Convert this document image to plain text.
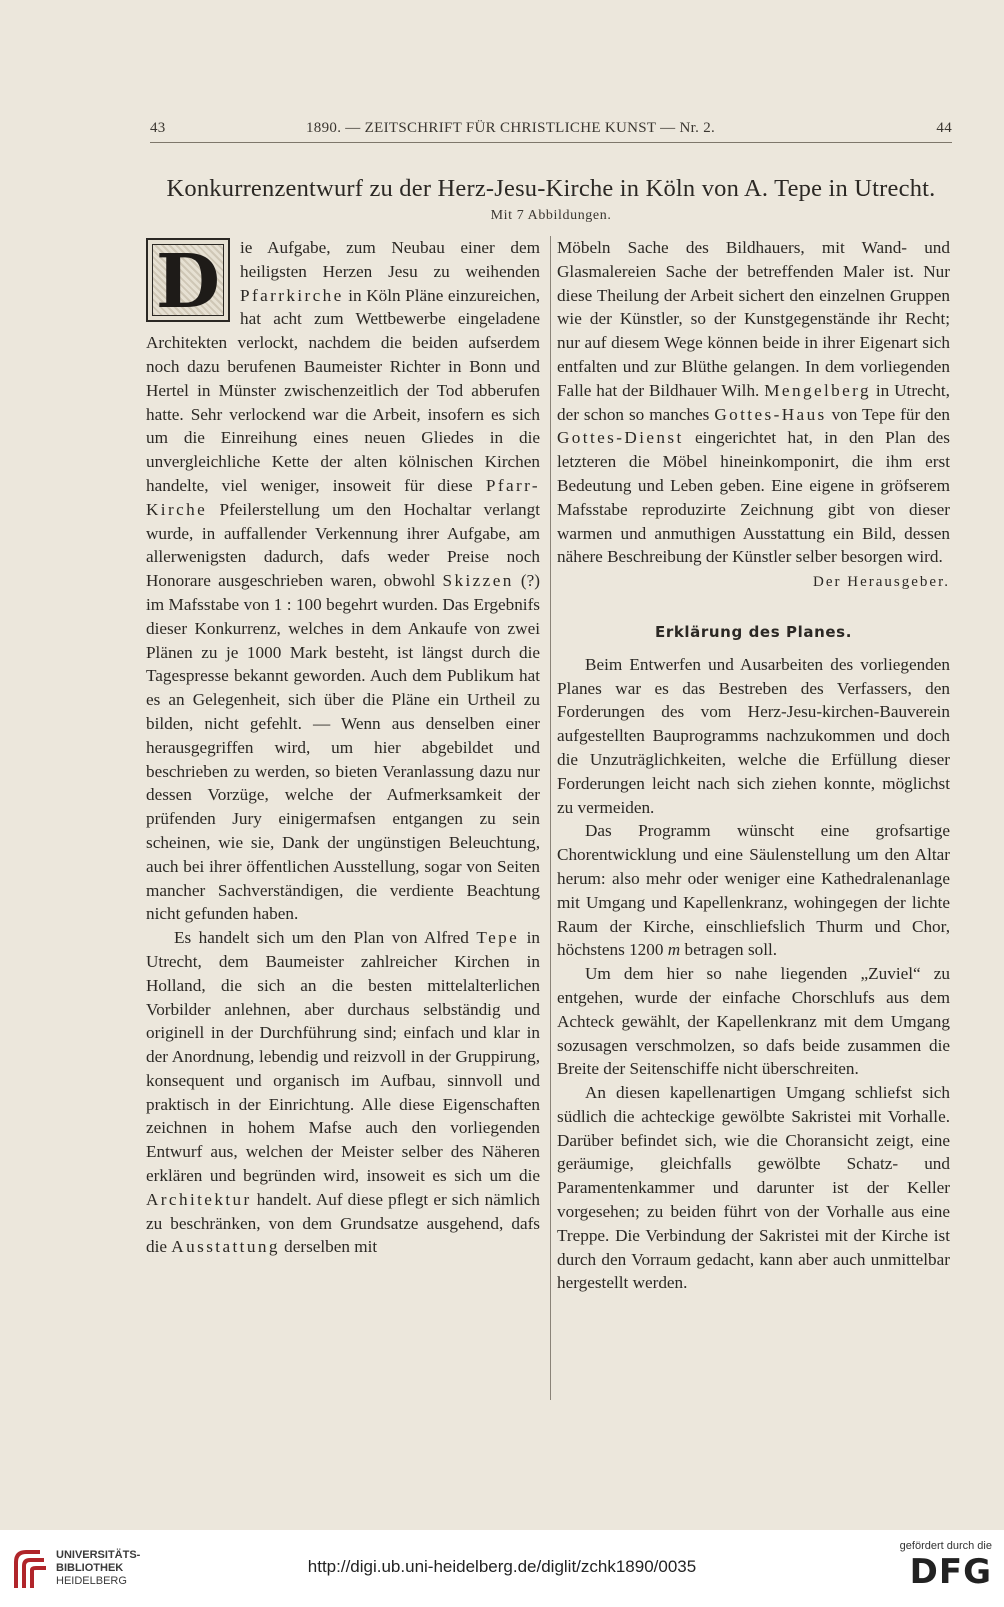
43	1890. — ZEITSCHRIFT FÜR CHRISTLICHE KUNST — Nr. 2.	44
Konkurrenzentwurf zu der Herz-Jesu-Kirche in Köln von A. Tepe in Utrecht.
Mit 7 Abbildungen.

D	ie Aufgabe, zum Neubau einer dem heiligsten Herzen Jesu zu weihenden Pfarrkirche in Köln Pläne einzureichen, hat acht zum Wettbewerbe eingeladene Architekten verlockt, nachdem die beiden aufserdem noch dazu berufenen Baumeister Richter in Bonn und Hertel in Münster zwischenzeitlich der Tod abberufen hatte. Sehr verlockend war die Arbeit, insofern es sich um die Einreihung eines neuen Gliedes in die unvergleichliche Kette der alten kölnischen Kirchen handelte, viel weniger, insoweit für diese Pfarr-Kirche Pfeilerstellung um den Hochaltar verlangt wurde, in auffallender Verkennung ihrer Aufgabe, am allerwenigsten dadurch, dafs weder Preise noch Honorare ausgeschrieben waren, obwohl Skizzen (?) im Mafsstabe von 1 : 100 begehrt wurden. Das Ergebnifs dieser Konkurrenz, welches in dem Ankaufe von zwei Plänen zu je 1000 Mark besteht, ist längst durch die Tagespresse bekannt geworden. Auch dem Publikum hat es an Gelegenheit, sich über die Pläne ein Urtheil zu bilden, nicht gefehlt. — Wenn aus denselben einer herausgegriffen wird, um hier abgebildet und beschrieben zu werden, so bieten Veranlassung dazu nur dessen Vorzüge, welche der Aufmerksamkeit der prüfenden Jury einigermafsen entgangen zu sein scheinen, wie sie, Dank der ungünstigen Beleuchtung, auch bei ihrer öffentlichen Ausstellung, sogar von Seiten mancher Sachverständigen, die verdiente Beachtung nicht gefunden haben.

Es handelt sich um den Plan von Alfred Tepe in Utrecht, dem Baumeister zahlreicher Kirchen in Holland, die sich an die besten mittelalterlichen Vorbilder anlehnen, aber durchaus selbständig und originell in der Durchführung sind; einfach und klar in der Anordnung, lebendig und reizvoll in der Gruppirung, konsequent und organisch im Aufbau, sinnvoll und praktisch in der Einrichtung. Alle diese Eigenschaften zeichnen in hohem Mafse auch den vorliegenden Entwurf aus, welchen der Meister selber des Näheren erklären und begründen wird, insoweit es sich um die Architektur handelt. Auf diese pflegt er sich nämlich zu beschränken, von dem Grundsatze ausgehend, dafs die Ausstattung derselben mit

Möbeln Sache des Bildhauers, mit Wand- und Glasmalereien Sache der betreffenden Maler ist. Nur diese Theilung der Arbeit sichert den einzelnen Gruppen wie der Künstler, so der Kunstgegenstände ihr Recht; nur auf diesem Wege können beide in ihrer Eigenart sich entfalten und zur Blüthe gelangen. In dem vorliegenden Falle hat der Bildhauer Wilh. Mengelberg in Utrecht, der schon so manches Gottes-Haus von Tepe für den Gottes-Dienst eingerichtet hat, in den Plan des letzteren die Möbel hineinkomponirt, die ihm erst Bedeutung und Leben geben. Eine eigene in gröfserem Mafsstabe reproduzirte Zeichnung gibt von dieser warmen und anmuthigen Ausstattung ein Bild, dessen nähere Beschreibung der Künstler selber besorgen wird.

Der Herausgeber.
Erklärung des Planes.

Beim Entwerfen und Ausarbeiten des vorliegenden Planes war es das Bestreben des Verfassers, den Forderungen des vom Herz-Jesu-kirchen-Bauverein aufgestellten Bauprogramms nachzukommen und doch die Unzuträglichkeiten, welche die Erfüllung dieser Forderungen leicht nach sich ziehen konnte, möglichst zu vermeiden.

Das Programm wünscht eine grofsartige Chorentwicklung und eine Säulenstellung um den Altar herum: also mehr oder weniger eine Kathedralenanlage mit Umgang und Kapellenkranz, wohingegen der lichte Raum der Kirche, einschliefslich Thurm und Chor, höchstens 1200 m betragen soll.

Um dem hier so nahe liegenden „Zuviel“ zu entgehen, wurde der einfache Chorschlufs aus dem Achteck gewählt, der Kapellenkranz mit dem Umgang sozusagen verschmolzen, so dafs beide zusammen die Breite der Seitenschiffe nicht überschreiten.

An diesen kapellenartigen Umgang schliefst sich südlich die achteckige gewölbte Sakristei mit Vorhalle. Darüber befindet sich, wie die Choransicht zeigt, eine geräumige, gleichfalls gewölbte Schatz- und Paramentenkammer und darunter ist der Keller vorgesehen; zu beiden führt von der Vorhalle aus eine Treppe. Die Verbindung der Sakristei mit der Kirche ist durch den Vorraum gedacht, kann aber auch unmittelbar hergestellt werden.

UNIVERSITÄTS-
BIBLIOTHEK
HEIDELBERG
http://digi.ub.uni-heidelberg.de/diglit/zchk1890/0035
gefördert durch die
DFG
